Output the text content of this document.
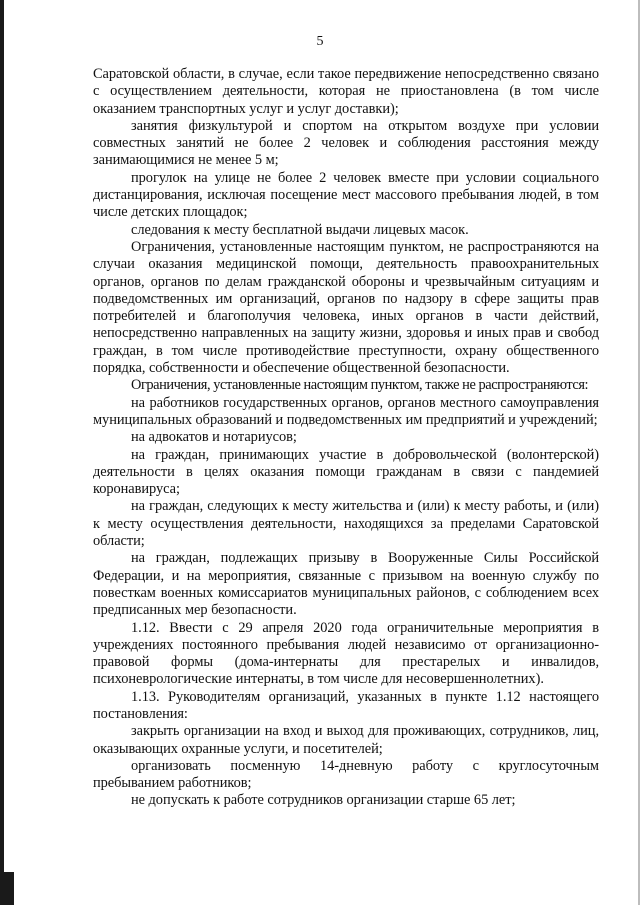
5

Саратовской области, в случае, если такое передвижение непосредственно связано с осуществлением деятельности, которая не приостановлена (в том числе оказанием транспортных услуг и услуг доставки);

занятия физкультурой и спортом на открытом воздухе при условии совместных занятий не более 2 человек и соблюдения расстояния между занимающимися не менее 5 м;

прогулок на улице не более 2 человек вместе при условии социального дистанцирования, исключая посещение мест массового пребывания людей, в том числе детских площадок;

следования к месту бесплатной выдачи лицевых масок.

Ограничения, установленные настоящим пунктом, не распространяются на случаи оказания медицинской помощи, деятельность правоохранительных органов, органов по делам гражданской обороны и чрезвычайным ситуациям и подведомственных им организаций, органов по надзору в сфере защиты прав потребителей и благополучия человека, иных органов в части действий, непосредственно направленных на защиту жизни, здоровья и иных прав и свобод граждан, в том числе противодействие преступности, охрану общественного порядка, собственности и обеспечение общественной безопасности.

Ограничения, установленные настоящим пунктом, также не распространяются:

на работников государственных органов, органов местного самоуправления муниципальных образований и подведомственных им предприятий и учреждений;

на адвокатов и нотариусов;

на граждан, принимающих участие в добровольческой (волонтерской) деятельности в целях оказания помощи гражданам в связи с пандемией коронавируса;

на граждан, следующих к месту жительства и (или) к месту работы, и (или) к месту осуществления деятельности, находящихся за пределами Саратовской области;

на граждан, подлежащих призыву в Вооруженные Силы Российской Федерации, и на мероприятия, связанные с призывом на военную службу по повесткам военных комиссариатов муниципальных районов, с соблюдением всех предписанных мер безопасности.

1.12. Ввести с 29 апреля 2020 года ограничительные мероприятия в учреждениях постоянного пребывания людей независимо от организационно-правовой формы (дома-интернаты для престарелых и инвалидов, психоневрологические интернаты, в том числе для несовершеннолетних).

1.13. Руководителям организаций, указанных в пункте 1.12 настоящего постановления:

закрыть организации на вход и выход для проживающих, сотрудников, лиц, оказывающих охранные услуги, и посетителей;

организовать посменную 14-дневную работу с круглосуточным пребыванием работников;

не допускать к работе сотрудников организации старше 65 лет;
